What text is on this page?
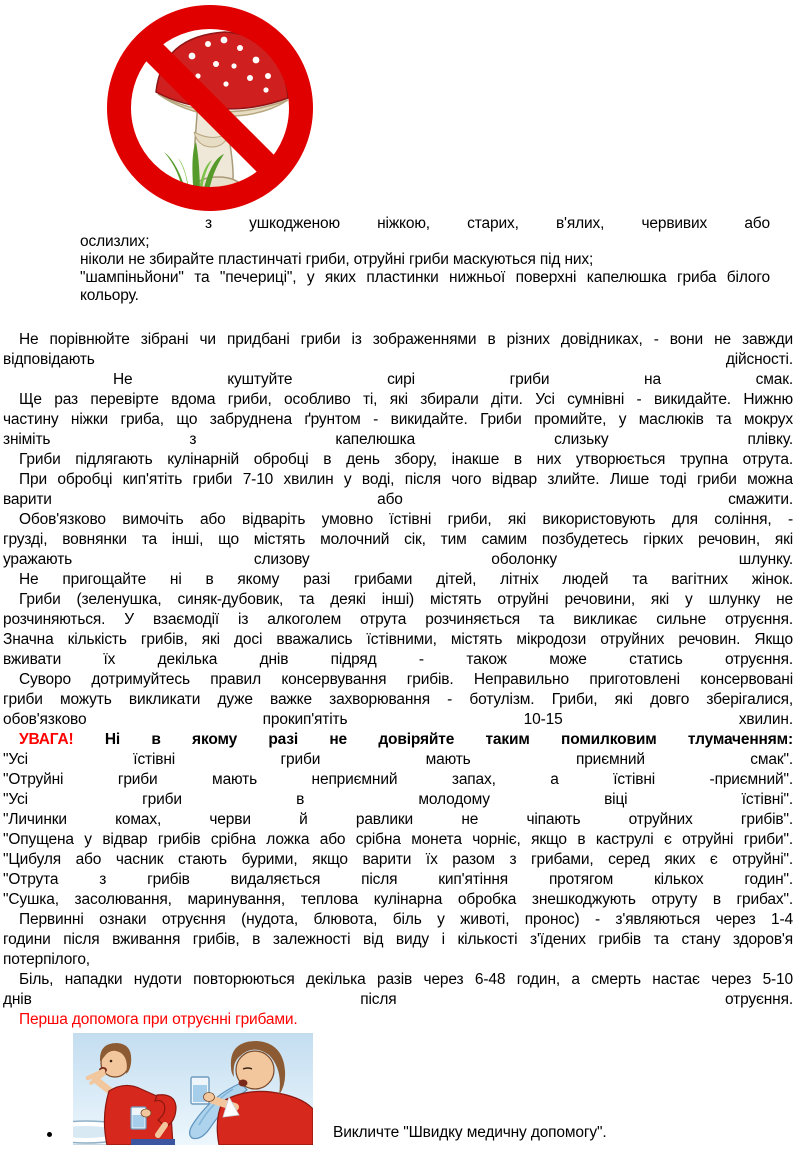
з ушкодженою ніжкою, старих, в'ялих, червивих або
ослизлих;
ніколи не збирайте пластинчаті гриби, отруйні гриби маскуються під них;
"шампіньйони" та "печериці", у яких пластинки нижньої поверхні капелюшка гриба білого
кольору.
Не порівнюйте зібрані чи придбані гриби із зображеннями в різних довідниках, - вони не завжди
відповідають дійсності.
Не куштуйте сирі гриби на смак.
Ще раз перевірте вдома гриби, особливо ті, які збирали діти. Усі сумнівні - викидайте. Нижню
частину ніжки гриба, що забруднена ґрунтом - викидайте. Гриби промийте, у маслюків та мокрух
зніміть з капелюшка слизьку плівку.
Гриби підлягають кулінарній обробці в день збору, інакше в них утворюється трупна отрута.
При обробці кип'ятіть гриби 7-10 хвилин у воді, після чого відвар злийте. Лише тоді гриби можна
варити або смажити.
Обов'язково вимочіть або відваріть умовно їстівні гриби, які використовують для соління, -
грузді, вовнянки та інші, що містять молочний сік, тим самим позбудетесь гірких речовин, які
уражають слизову оболонку шлунку.
Не пригощайте ні в якому разі грибами дітей, літніх людей та вагітних жінок.
Гриби (зеленушка, синяк-дубовик, та деякі інші) містять отруйні речовини, які у шлунку не
розчиняються. У взаємодії із алкоголем отрута розчиняється та викликає сильне отруєння.
Значна кількість грибів, які досі вважались їстівними, містять мікродози отруйних речовин. Якщо
вживати їх декілька днів підряд - також може статись отруєння.
Суворо дотримуйтесь правил консервування грибів. Неправильно приготовлені консервовані
гриби можуть викликати дуже важке захворювання - ботулізм. Гриби, які довго зберігалися,
обов'язково прокип'ятіть 10-15 хвилин.
УВАГА! Ні в якому разі не довіряйте таким помилковим тлумаченням:
"Усі їстівні гриби мають приємний смак".
"Отруйні гриби мають неприємний запах, а їстівні -приємний".
"Усі гриби в молодому віці їстівні".
"Личинки комах, черви й равлики не чіпають отруйних грибів".
"Опущена у відвар грибів срібна ложка або срібна монета чорніє, якщо в каструлі є отруйні гриби".
"Цибуля або часник стають бурими, якщо варити їх разом з грибами, серед яких є отруйні".
"Отрута з грибів видаляється після кип'ятіння протягом кількох годин".
"Сушка, засолювання, маринування, теплова кулінарна обробка знешкоджують отруту в грибах".
Первинні ознаки отруєння (нудота, блювота, біль у животі, пронос) - з'являються через 1-4
години після вживання грибів, в залежності від виду і кількості з'їдених грибів та стану здоров'я
потерпілого,
Біль, нападки нудоти повторюються декілька разів через 6-48 годин, а смерть настає через 5-10
днів після отруєння.
Перша допомога при отруєнні грибами.
Викличте "Швидку медичну допомогу".
